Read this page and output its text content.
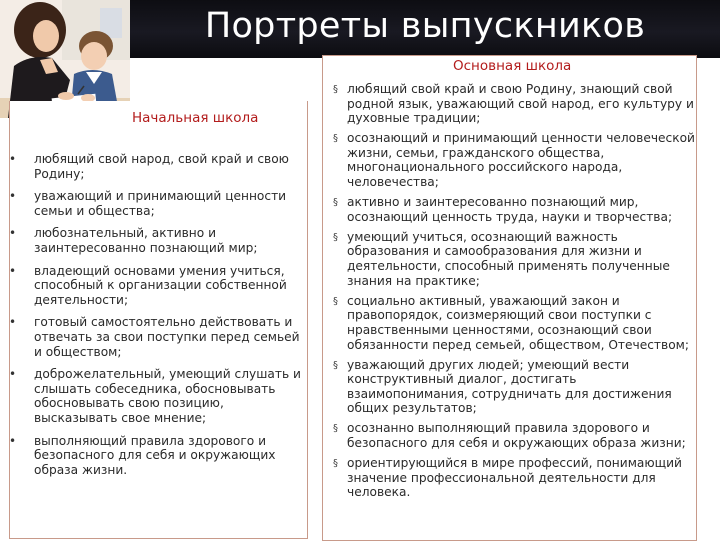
Портреты выпускников
Начальная школа
• любящий свой народ, свой край и свою Родину;
• уважающий и принимающий ценности семьи и общества;
• любознательный, активно и заинтересованно познающий мир;
• владеющий основами умения учиться, способный к организации собственной деятельности;
• готовый самостоятельно действовать и отвечать за свои поступки перед семьей и обществом;
• доброжелательный, умеющий слушать и слышать собеседника, обосновывать обосновывать свою позицию, высказывать свое мнение;
• выполняющий правила здорового и безопасного для себя и окружающих образа жизни.
Основная школа
§ любящий свой край и свою Родину, знающий свой родной язык, уважающий свой народ, его культуру и духовные традиции;
§ осознающий и принимающий ценности человеческой жизни, семьи, гражданского общества, многонационального российского народа, человечества;
§ активно и заинтересованно познающий мир, осознающий ценность труда, науки и творчества;
§ умеющий учиться, осознающий важность образования и самообразования для жизни и деятельности, способный применять полученные знания на практике;
§ социально активный, уважающий закон и правопорядок, соизмеряющий свои поступки с нравственными ценностями, осознающий свои обязанности перед семьей, обществом, Отечеством;
§ уважающий других людей; умеющий вести конструктивный диалог, достигать взаимопонимания, сотрудничать для достижения общих результатов;
§ осознанно выполняющий правила здорового и безопасного для себя и окружающих образа жизни;
§ ориентирующийся в мире профессий, понимающий значение профессиональной деятельности для человека.
